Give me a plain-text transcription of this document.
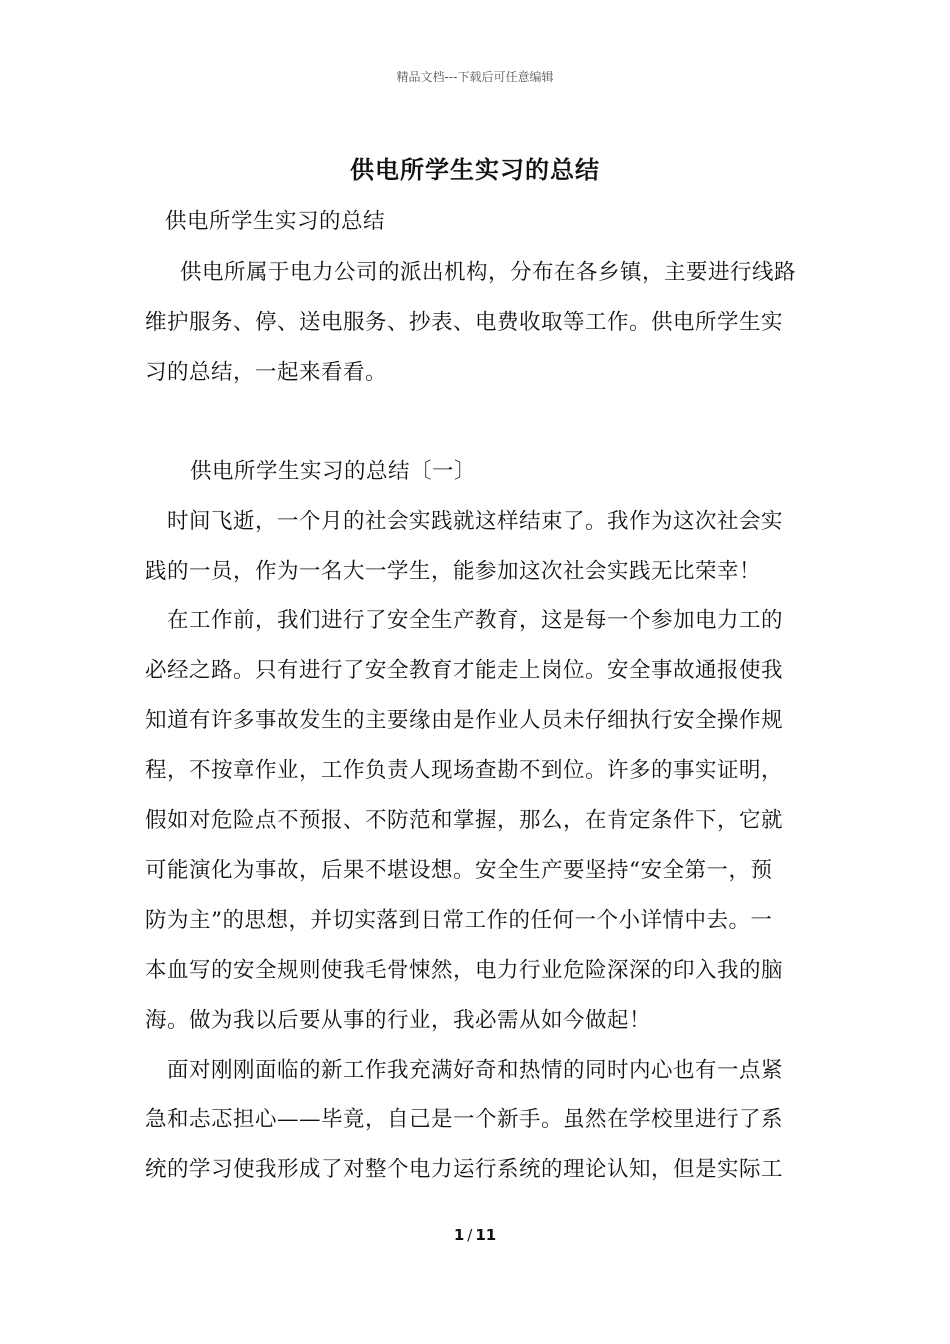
精品文档---下载后可任意编辑
供电所学生实习的总结
供电所学生实习的总结
供电所属于电力公司的派出机构，分布在各乡镇，主要进行线路
维护服务、停、送电服务、抄表、电费收取等工作。供电所学生实
习的总结，一起来看看。
供电所学生实习的总结〔一〕
时间飞逝，一个月的社会实践就这样结束了。我作为这次社会实
践的一员，作为一名大一学生，能参加这次社会实践无比荣幸！
在工作前，我们进行了安全生产教育，这是每一个参加电力工的
必经之路。只有进行了安全教育才能走上岗位。安全事故通报使我
知道有许多事故发生的主要缘由是作业人员未仔细执行安全操作规
程，不按章作业，工作负责人现场查勘不到位。许多的事实证明，
假如对危险点不预报、不防范和掌握，那么，在肯定条件下，它就
可能演化为事故，后果不堪设想。安全生产要坚持“安全第一，预
防为主”的思想，并切实落到日常工作的任何一个小详情中去。一
本血写的安全规则使我毛骨悚然，电力行业危险深深的印入我的脑
海。做为我以后要从事的行业，我必需从如今做起！
面对刚刚面临的新工作我充满好奇和热情的同时内心也有一点紧
急和忐忑担心——毕竟，自己是一个新手。虽然在学校里进行了系
统的学习使我形成了对整个电力运行系统的理论认知，但是实际工
1 / 11
